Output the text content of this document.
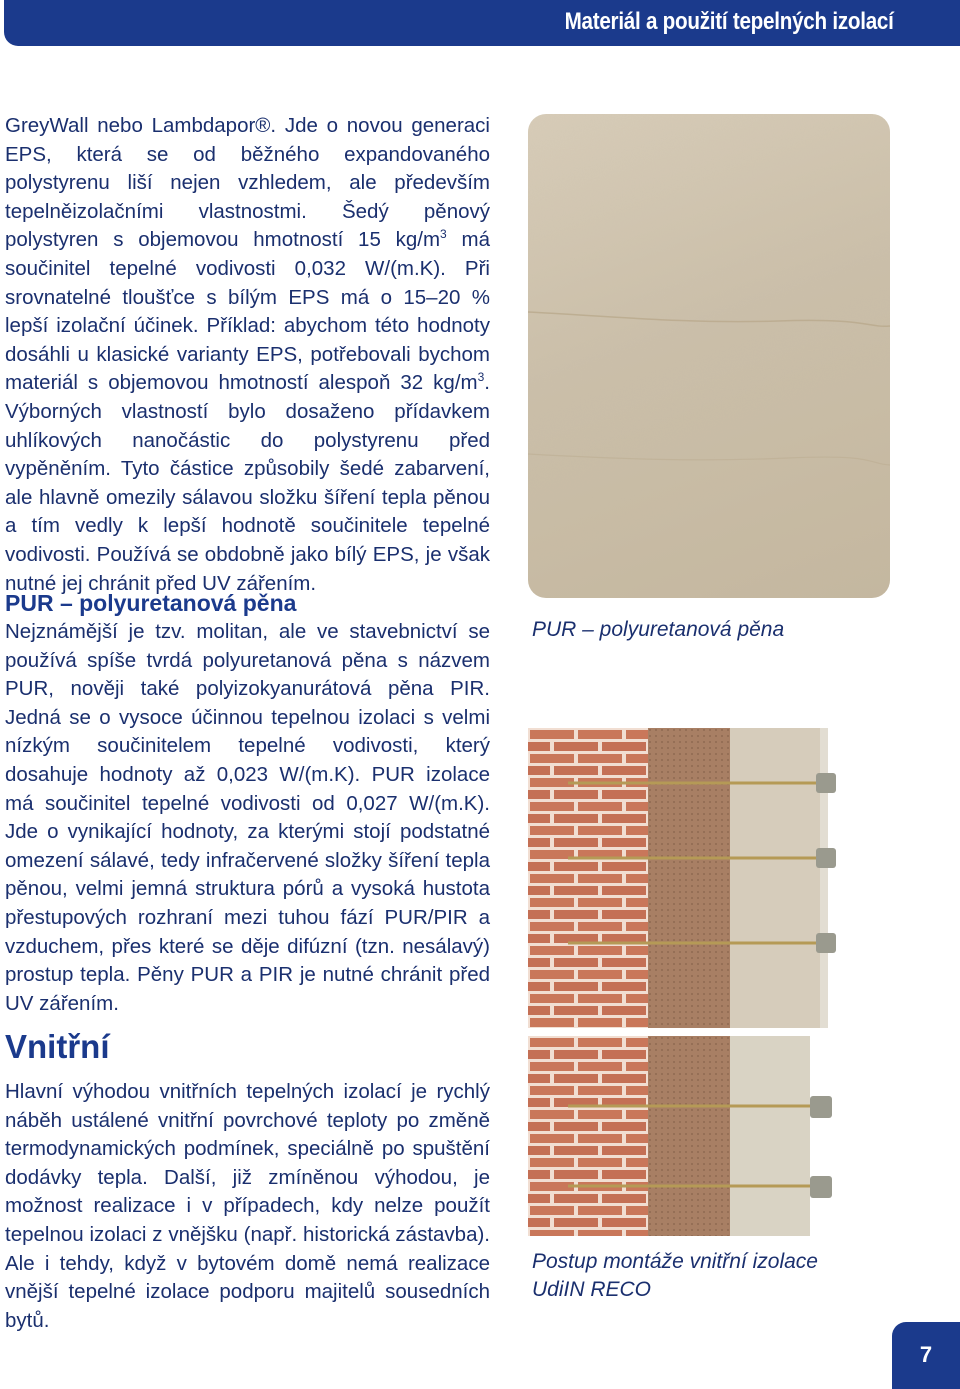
Materiál a použití tepelných izolací

GreyWall nebo Lambdapor®. Jde o novou generaci EPS, která se od běžného expandovaného polystyrenu liší nejen vzhledem, ale především tepelněizolačními vlastnostmi. Šedý pěnový polystyren s objemovou hmotností 15 $kg/m^3$ má součinitel tepelné vodivosti 0,032 W/(m.K). Při srovnatelné tloušťce s bílým EPS má o 15–20 % lepší izolační účinek. Příklad: abychom této hodnoty dosáhli u klasické varianty EPS, potřebovali bychom materiál s objemovou hmotností alespoň 32 $kg/m^3$. Výborných vlastností bylo dosaženo přídavkem uhlíkových nanočástic do polystyrenu před vypěněním. Tyto částice způsobily šedé zabarvení, ale hlavně omezily sálavou složku šíření tepla pěnou a tím vedly k lepší hodnotě součinitele tepelné vodivosti. Používá se obdobně jako bílý EPS, je však nutné jej chránit před UV zářením.

PUR – polyuretanová pěna

Nejznámější je tzv. molitan, ale ve stavebnictví se používá spíše tvrdá polyuretanová pěna s názvem PUR, nověji také polyizokyanurátová pěna PIR. Jedná se o vysoce účinnou tepelnou izolaci s velmi nízkým součinitelem tepelné vodivosti, který dosahuje hodnoty až 0,023 W/(m.K). PUR izolace má součinitel tepelné vodivosti od 0,027 W/(m.K). Jde o vynikající hodnoty, za kterými stojí podstatné omezení sálavé, tedy infračervené složky šíření tepla pěnou, velmi jemná struktura pórů a vysoká hustota přestupových rozhraní mezi tuhou fází PUR/PIR a vzduchem, přes které se děje difúzní (tzn. nesálavý) prostup tepla. Pěny PUR a PIR je nutné chránit před UV zářením.

Vnitřní

Hlavní výhodou vnitřních tepelných izolací je rychlý náběh ustálené vnitřní povrchové teploty po změně termodynamických podmínek, speciálně po spuštění dodávky tepla. Další, již zmíněnou výhodou, je možnost realizace i v případech, kdy nelze použít tepelnou izolaci z vnějšku (např. historická zástavba). Ale i tehdy, když v bytovém domě nemá realizace vnější tepelné izolace podporu majitelů sousedních bytů.

PUR – polyuretanová pěna
Postup montáže vnitřní izolace
UdiIN RECO
7
